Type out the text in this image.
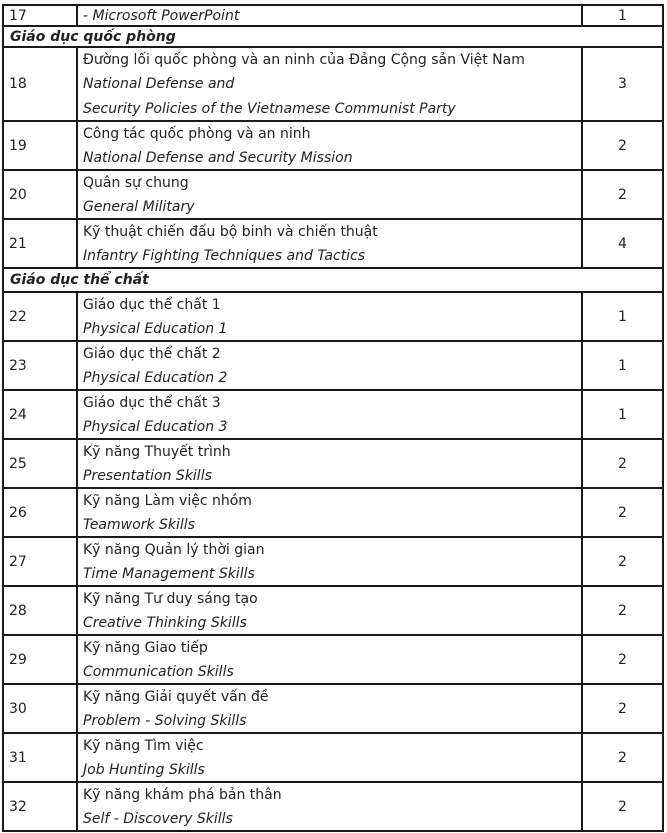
17	- Microsoft PowerPoint	1
Giáo dục quốc phòng
18
Đường lối quốc phòng và an ninh của Đảng Cộng sản Việt Nam
National Defense and
Security Policies of the Vietnamese Communist Party
3
19
Công tác quốc phòng và an ninh
National Defense and Security Mission
2
20
Quân sự chung
General Military
2
21
Kỹ thuật chiến đấu bộ binh và chiến thuật
Infantry Fighting Techniques and Tactics
4
Giáo dục thể chất
22
Giáo dục thể chất 1
Physical Education 1
1
23
Giáo dục thể chất 2
Physical Education 2
1
24
Giáo dục thể chất 3
Physical Education 3
1
25
Kỹ năng Thuyết trình
Presentation Skills
2
26
Kỹ năng Làm việc nhóm
Teamwork Skills
2
27
Kỹ năng Quản lý thời gian
Time Management Skills
2
28
Kỹ năng Tư duy sáng tạo
Creative Thinking Skills
2
29
Kỹ năng Giao tiếp
Communication Skills
2
30
Kỹ năng Giải quyết vấn đề
Problem - Solving Skills
2
31
Kỹ năng Tìm việc
Job Hunting Skills
2
32
Kỹ năng khám phá bản thân
Self - Discovery Skills
2
